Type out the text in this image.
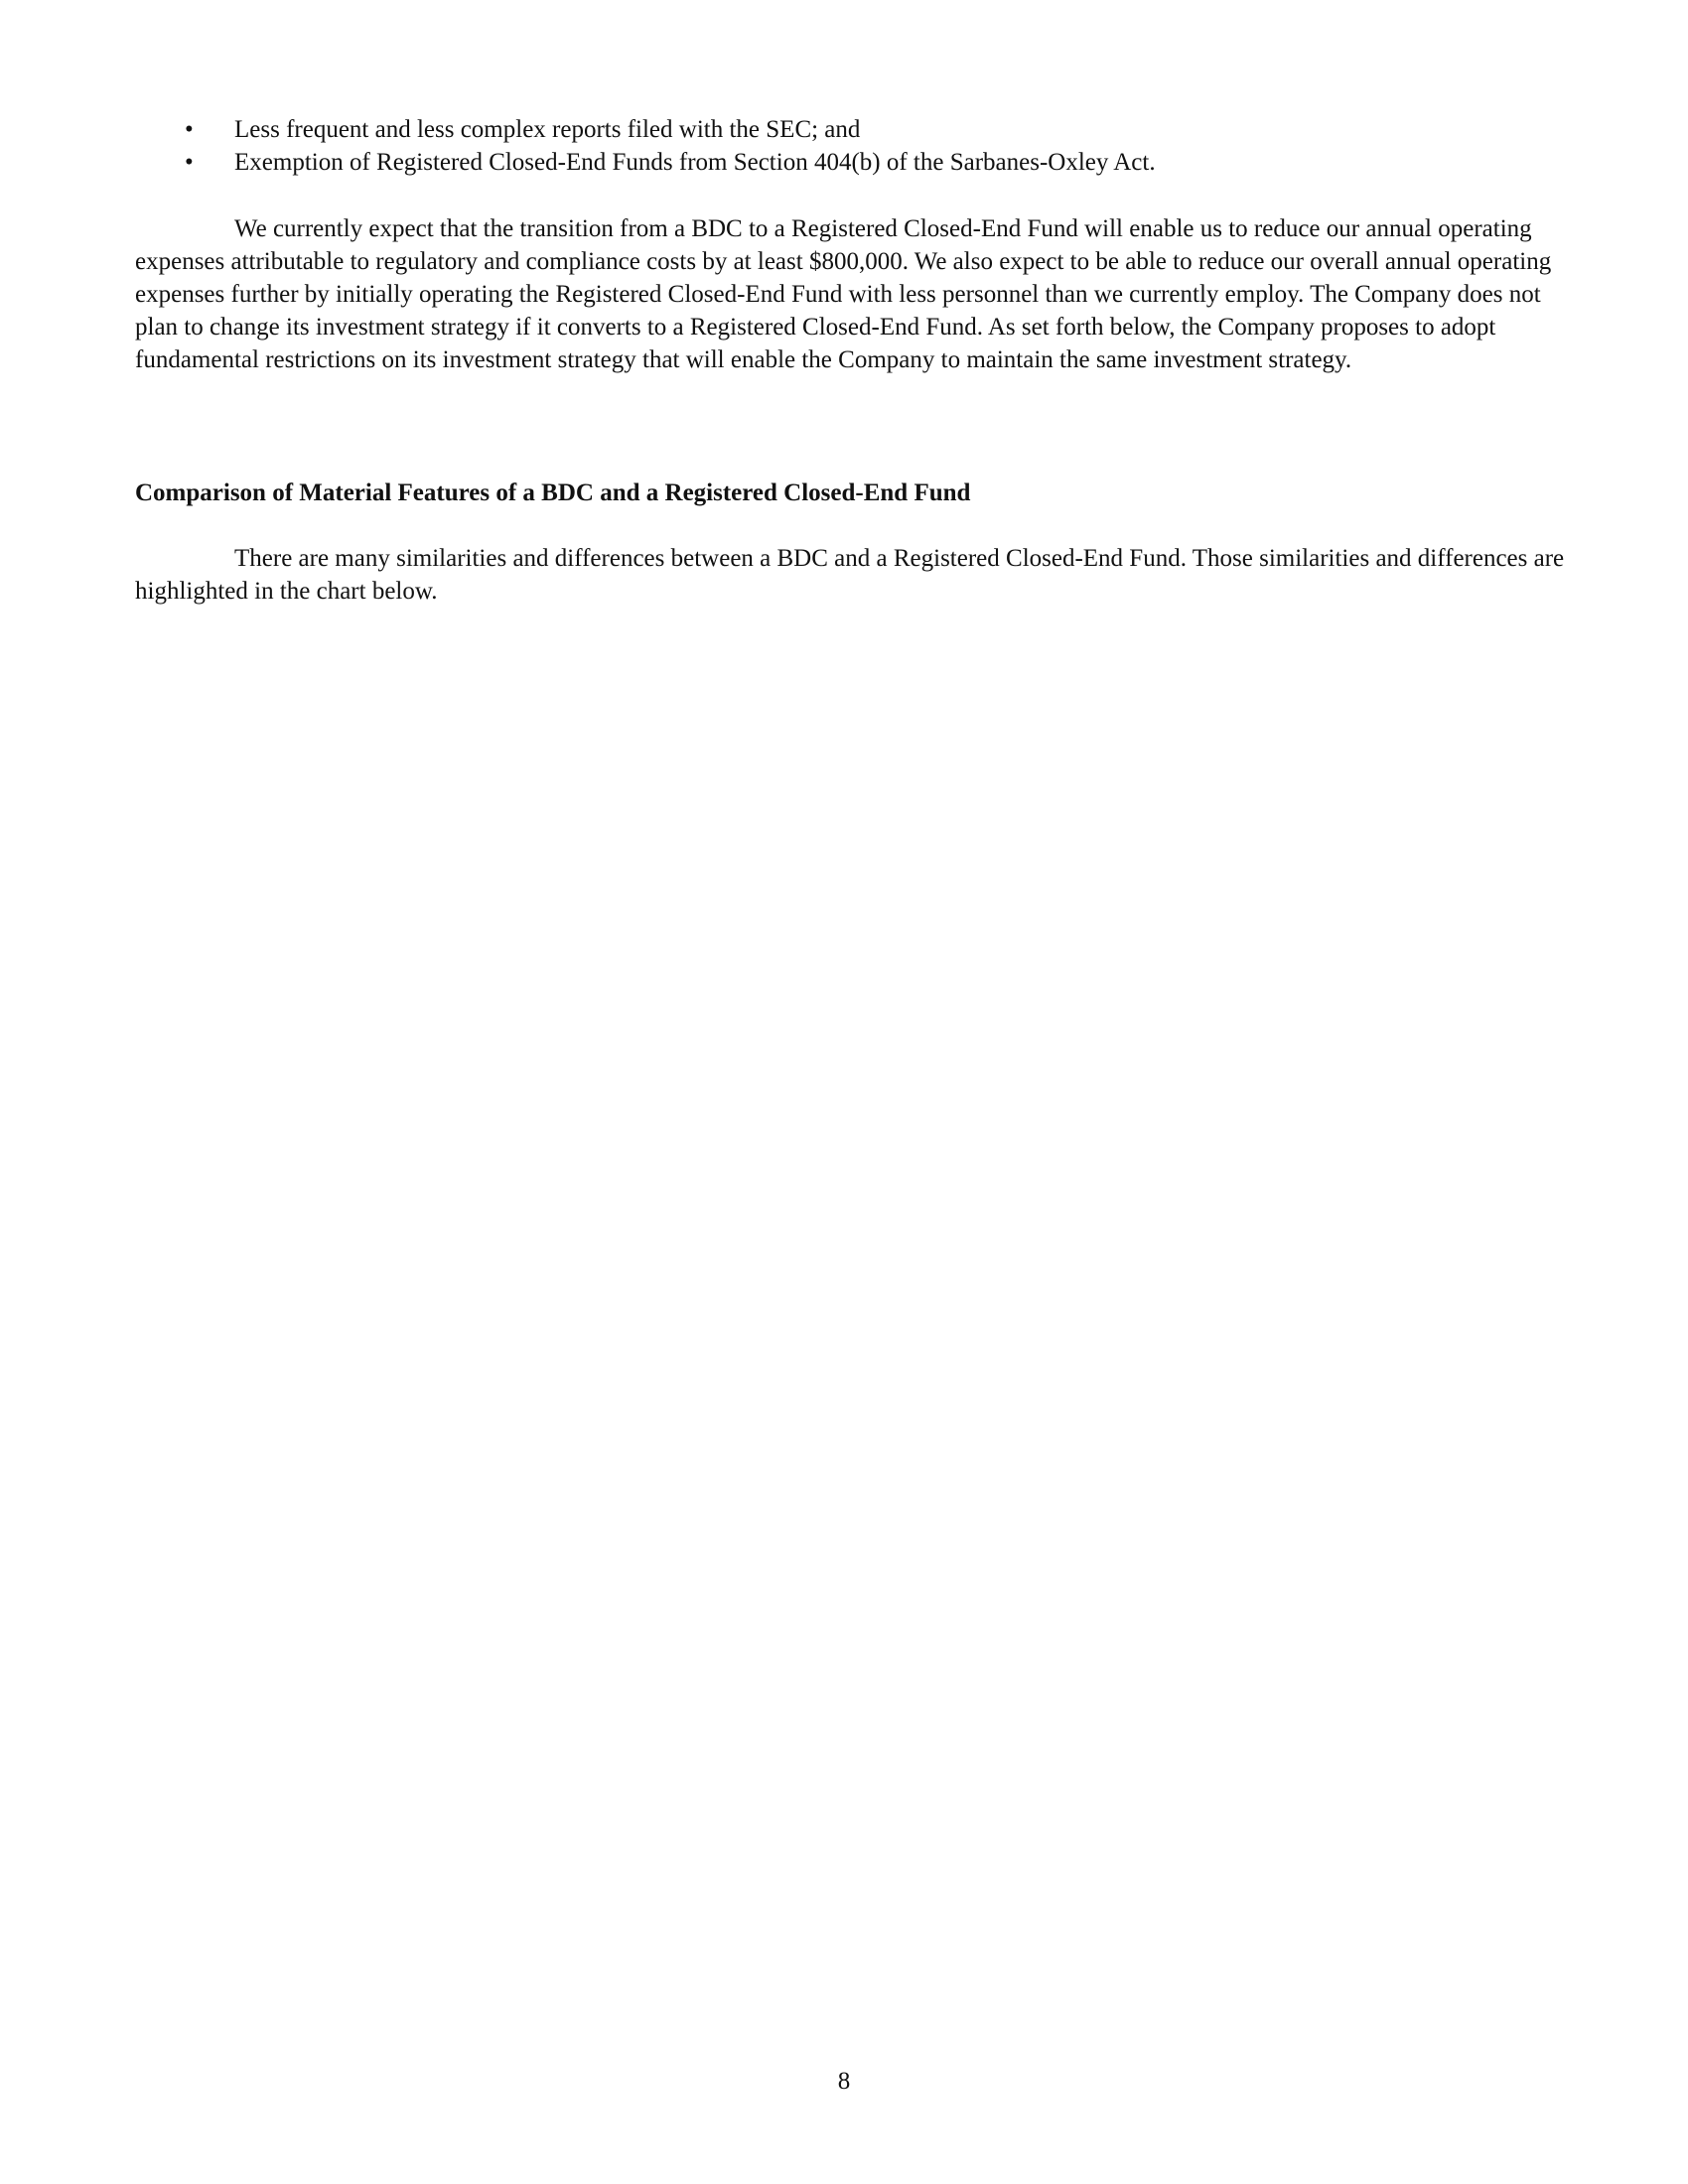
•	Less frequent and less complex reports filed with the SEC; and
•	Exemption of Registered Closed-End Funds from Section 404(b) of the Sarbanes-Oxley Act.

We currently expect that the transition from a BDC to a Registered Closed-End Fund will enable us to reduce our annual operating expenses attributable to regulatory and compliance costs by at least $800,000. We also expect to be able to reduce our overall annual operating expenses further by initially operating the Registered Closed-End Fund with less personnel than we currently employ. The Company does not plan to change its investment strategy if it converts to a Registered Closed-End Fund. As set forth below, the Company proposes to adopt fundamental restrictions on its investment strategy that will enable the Company to maintain the same investment strategy.

Comparison of Material Features of a BDC and a Registered Closed-End Fund

There are many similarities and differences between a BDC and a Registered Closed-End Fund. Those similarities and differences are highlighted in the chart below.

8
